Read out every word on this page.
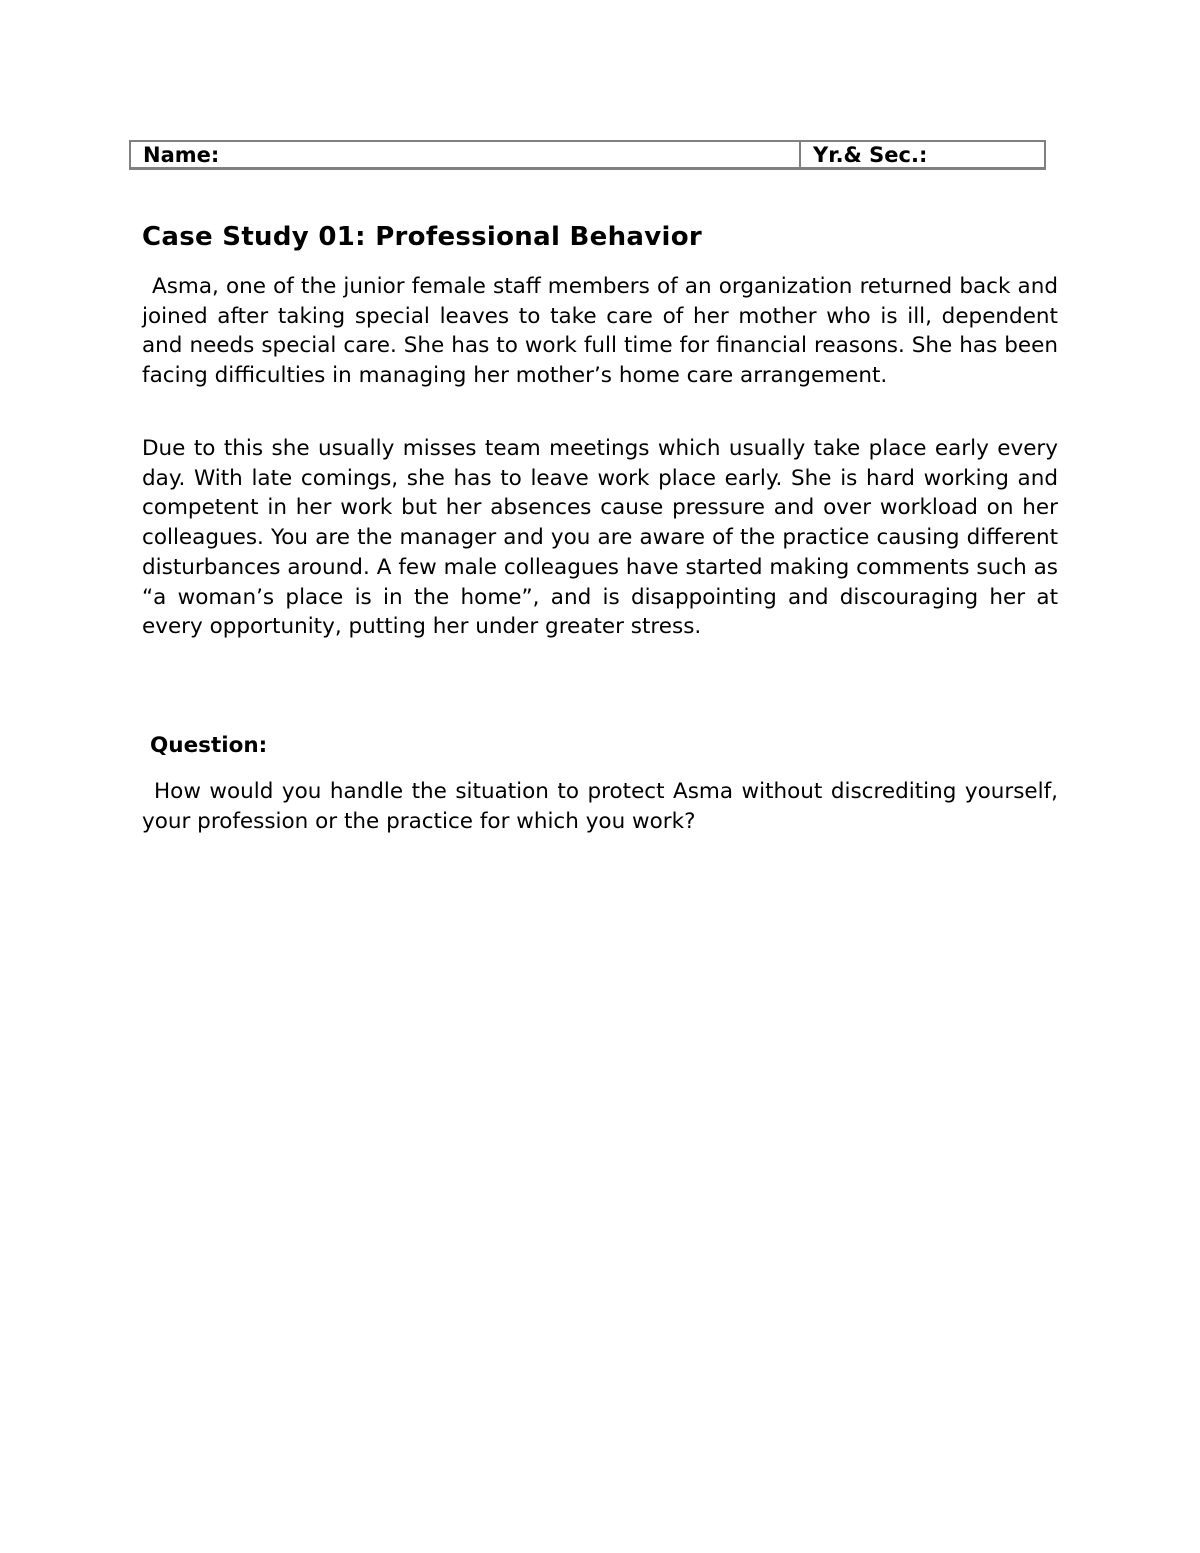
Name:	Yr.& Sec.:
Case Study 01: Professional Behavior

Asma, one of the junior female staff members of an organization returned back and joined after taking special leaves to take care of her mother who is ill, dependent and needs special care. She has to work full time for financial reasons. She has been facing difficulties in managing her mother’s home care arrangement.

Due to this she usually misses team meetings which usually take place early every day. With late comings, she has to leave work place early. She is hard working and competent in her work but her absences cause pressure and over workload on her colleagues. You are the manager and you are aware of the practice causing different disturbances around. A few male colleagues have started making comments such as “a woman’s place is in the home”, and is disappointing and discouraging her at every opportunity, putting her under greater stress.

Question:

How would you handle the situation to protect Asma without discrediting yourself, your profession or the practice for which you work?
